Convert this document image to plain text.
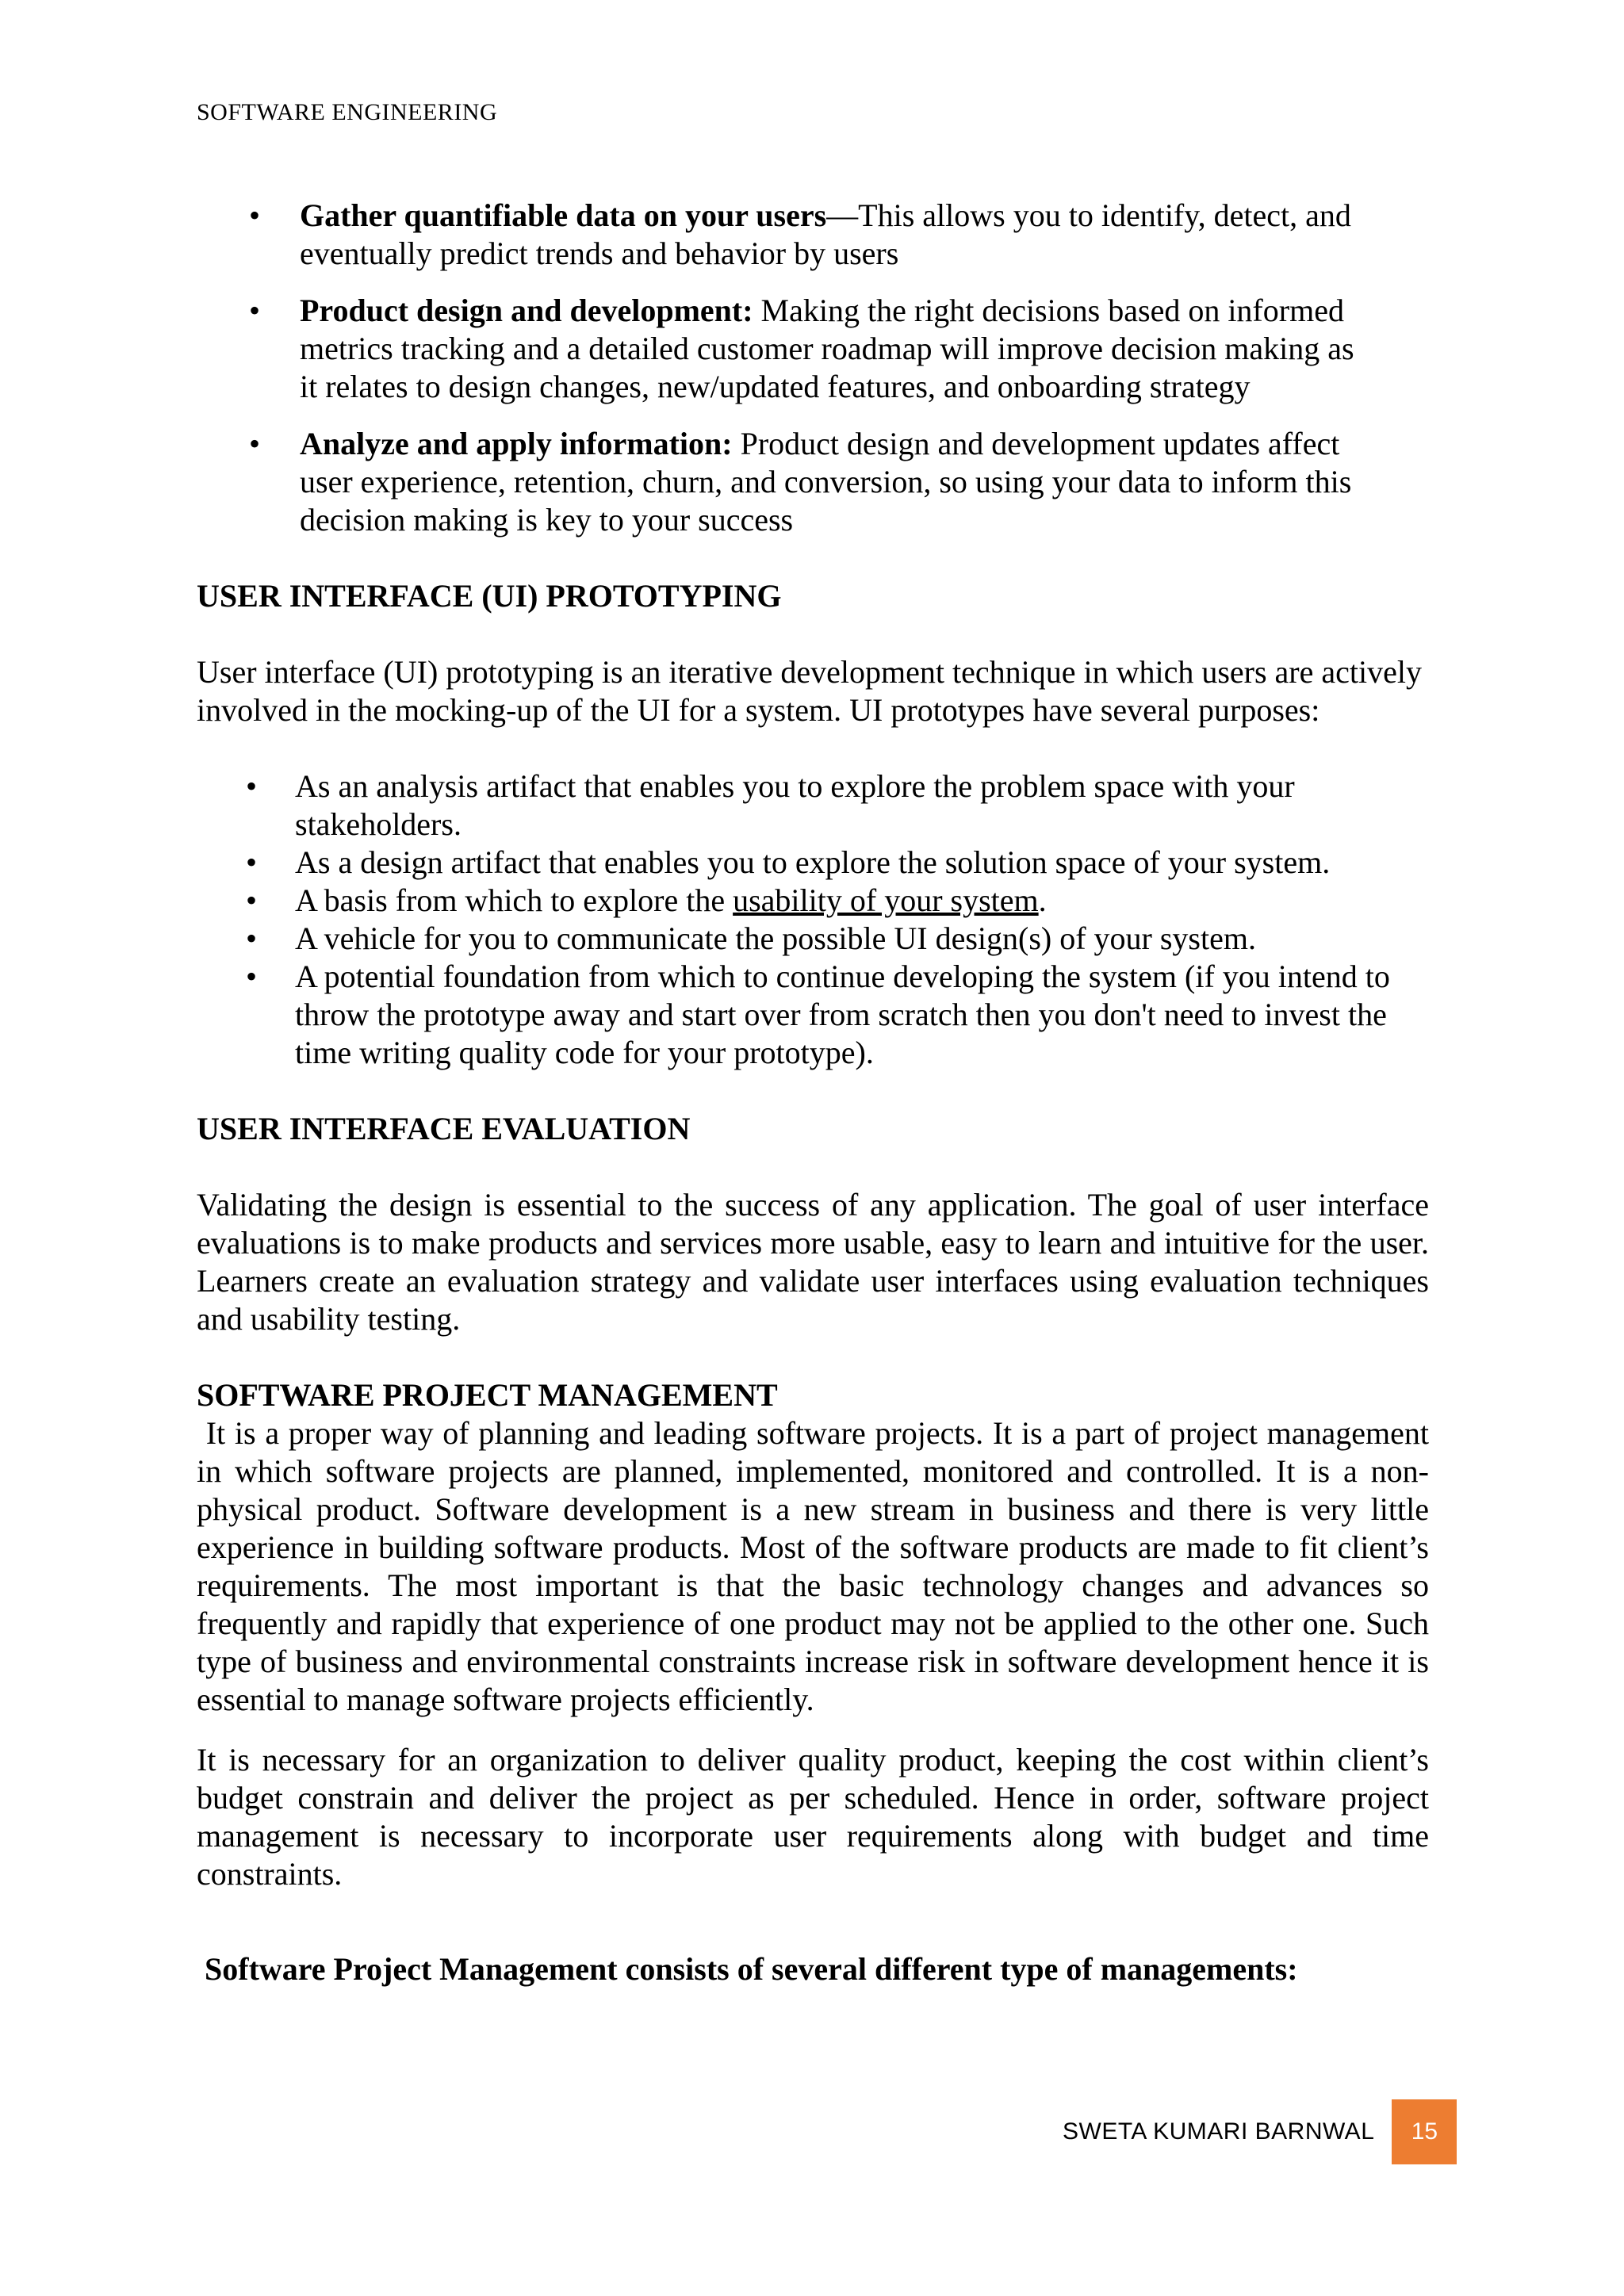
SOFTWARE ENGINEERING
• Gather quantifiable data on your users—This allows you to identify, detect, and eventually predict trends and behavior by users
• Product design and development: Making the right decisions based on informed metrics tracking and a detailed customer roadmap will improve decision making as it relates to design changes, new/updated features, and onboarding strategy
• Analyze and apply information: Product design and development updates affect user experience, retention, churn, and conversion, so using your data to inform this decision making is key to your success
USER INTERFACE (UI) PROTOTYPING

User interface (UI) prototyping is an iterative development technique in which users are actively involved in the mocking-up of the UI for a system. UI prototypes have several purposes:

• As an analysis artifact that enables you to explore the problem space with your stakeholders.
• As a design artifact that enables you to explore the solution space of your system.
• A basis from which to explore the usability of your system.
• A vehicle for you to communicate the possible UI design(s) of your system.
• A potential foundation from which to continue developing the system (if you intend to throw the prototype away and start over from scratch then you don't need to invest the time writing quality code for your prototype).
USER INTERFACE EVALUATION

Validating the design is essential to the success of any application. The goal of user interface evaluations is to make products and services more usable, easy to learn and intuitive for the user. Learners create an evaluation strategy and validate user interfaces using evaluation techniques and usability testing.

SOFTWARE PROJECT MANAGEMENT

It is a proper way of planning and leading software projects. It is a part of project management in which software projects are planned, implemented, monitored and controlled. It is a non-physical product. Software development is a new stream in business and there is very little experience in building software products. Most of the software products are made to fit client’s requirements. The most important is that the basic technology changes and advances so frequently and rapidly that experience of one product may not be applied to the other one. Such type of business and environmental constraints increase risk in software development hence it is essential to manage software projects efficiently.

It is necessary for an organization to deliver quality product, keeping the cost within client’s budget constrain and deliver the project as per scheduled. Hence in order, software project management is necessary to incorporate user requirements along with budget and time constraints.

Software Project Management consists of several different type of managements:
SWETA KUMARI BARNWAL	15
